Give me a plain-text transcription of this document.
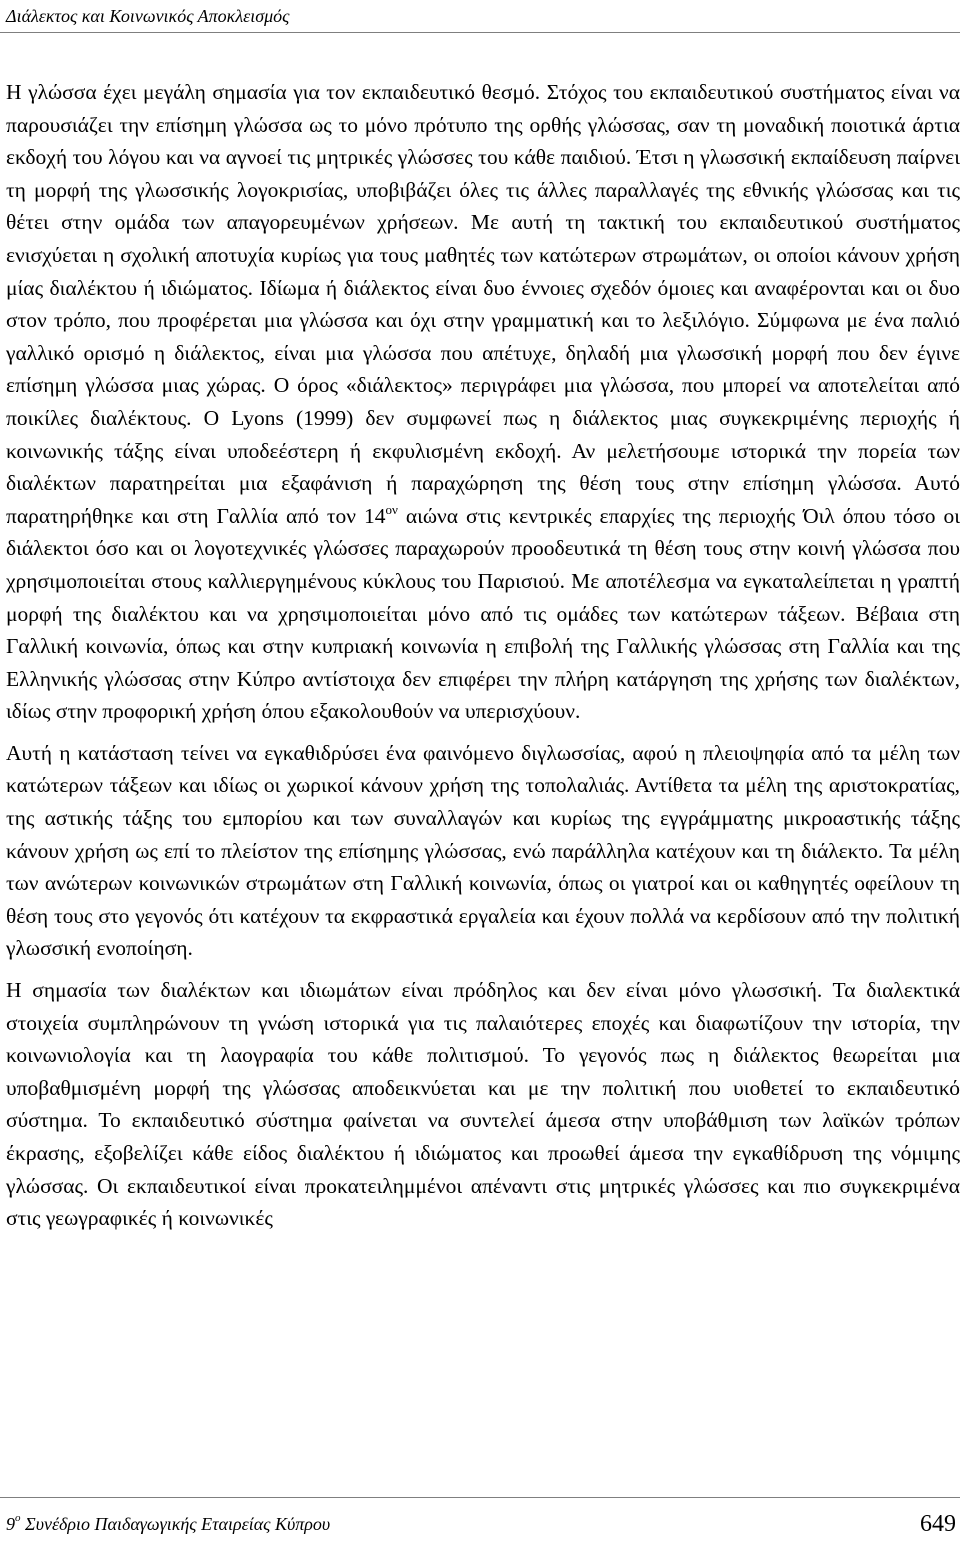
Διάλεκτος και Κοινωνικός Αποκλεισμός

Η γλώσσα έχει μεγάλη σημασία για τον εκπαιδευτικό θεσμό. Στόχος του εκπαιδευτικού συστήματος είναι να παρουσιάζει την επίσημη γλώσσα ως το μόνο πρότυπο της ορθής γλώσσας, σαν τη μοναδική ποιοτικά άρτια εκδοχή του λόγου και να αγνοεί τις μητρικές γλώσσες του κάθε παιδιού. Έτσι η γλωσσική εκπαίδευση παίρνει τη μορφή της γλωσσικής λογοκρισίας, υποβιβάζει όλες τις άλλες παραλλαγές της εθνικής γλώσσας και τις θέτει στην ομάδα των απαγορευμένων χρήσεων. Με αυτή τη τακτική του εκπαιδευτικού συστήματος ενισχύεται η σχολική αποτυχία κυρίως για τους μαθητές των κατώτερων στρωμάτων, οι οποίοι κάνουν χρήση μίας διαλέκτου ή ιδιώματος. Ιδίωμα ή διάλεκτος είναι δυο έννοιες σχεδόν όμοιες και αναφέρονται και οι δυο στον τρόπο, που προφέρεται μια γλώσσα και όχι στην γραμματική και το λεξιλόγιο. Σύμφωνα με ένα παλιό γαλλικό ορισμό η διάλεκτος, είναι μια γλώσσα που απέτυχε, δηλαδή μια γλωσσική μορφή που δεν έγινε επίσημη γλώσσα μιας χώρας. Ο όρος «διάλεκτος» περιγράφει μια γλώσσα, που μπορεί να αποτελείται από ποικίλες διαλέκτους. Ο Lyons (1999) δεν συμφωνεί πως η διάλεκτος μιας συγκεκριμένης περιοχής ή κοινωνικής τάξης είναι υποδεέστερη ή εκφυλισμένη εκδοχή. Αν μελετήσουμε ιστορικά την πορεία των διαλέκτων παρατηρείται μια εξαφάνιση ή παραχώρηση της θέση τους στην επίσημη γλώσσα. Αυτό παρατηρήθηκε και στη Γαλλία από τον $14^{o\nu}$ αιώνα στις κεντρικές επαρχίες της περιοχής Όιλ όπου τόσο οι διάλεκτοι όσο και οι λογοτεχνικές γλώσσες παραχωρούν προοδευτικά τη θέση τους στην κοινή γλώσσα που χρησιμοποιείται στους καλλιεργημένους κύκλους του Παρισιού. Με αποτέλεσμα να εγκαταλείπεται η γραπτή μορφή της διαλέκτου και να χρησιμοποιείται μόνο από τις ομάδες των κατώτερων τάξεων. Βέβαια στη Γαλλική κοινωνία, όπως και στην κυπριακή κοινωνία η επιβολή της Γαλλικής γλώσσας στη Γαλλία και της Ελληνικής γλώσσας στην Κύπρο αντίστοιχα δεν επιφέρει την πλήρη κατάργηση της χρήσης των διαλέκτων, ιδίως στην προφορική χρήση όπου εξακολουθούν να υπερισχύουν.

Αυτή η κατάσταση τείνει να εγκαθιδρύσει ένα φαινόμενο διγλωσσίας, αφού η πλειοψηφία από τα μέλη των κατώτερων τάξεων και ιδίως οι χωρικοί κάνουν χρήση της τοπολαλιάς. Αντίθετα τα μέλη της αριστοκρατίας, της αστικής τάξης του εμπορίου και των συναλλαγών και κυρίως της εγγράμματης μικροαστικής τάξης κάνουν χρήση ως επί το πλείστον της επίσημης γλώσσας, ενώ παράλληλα κατέχουν και τη διάλεκτο. Τα μέλη των ανώτερων κοινωνικών στρωμάτων στη Γαλλική κοινωνία, όπως οι γιατροί και οι καθηγητές οφείλουν τη θέση τους στο γεγονός ότι κατέχουν τα εκφραστικά εργαλεία και έχουν πολλά να κερδίσουν από την πολιτική γλωσσική ενοποίηση.

Η σημασία των διαλέκτων και ιδιωμάτων είναι πρόδηλος και δεν είναι μόνο γλωσσική. Τα διαλεκτικά στοιχεία συμπληρώνουν τη γνώση ιστορικά για τις παλαιότερες εποχές και διαφωτίζουν την ιστορία, την κοινωνιολογία και τη λαογραφία του κάθε πολιτισμού. Το γεγονός πως η διάλεκτος θεωρείται μια υποβαθμισμένη μορφή της γλώσσας αποδεικνύεται και με την πολιτική που υιοθετεί το εκπαιδευτικό σύστημα. Το εκπαιδευτικό σύστημα φαίνεται να συντελεί άμεσα στην υποβάθμιση των λαϊκών τρόπων έκρασης, εξοβελίζει κάθε είδος διαλέκτου ή ιδιώματος και προωθεί άμεσα την εγκαθίδρυση της νόμιμης γλώσσας. Οι εκπαιδευτικοί είναι προκατειλημμένοι απέναντι στις μητρικές γλώσσες και πιο συγκεκριμένα στις γεωγραφικές ή κοινωνικές

$9^o$ Συνέδριο Παιδαγωγικής Εταιρείας Κύπρου	649
